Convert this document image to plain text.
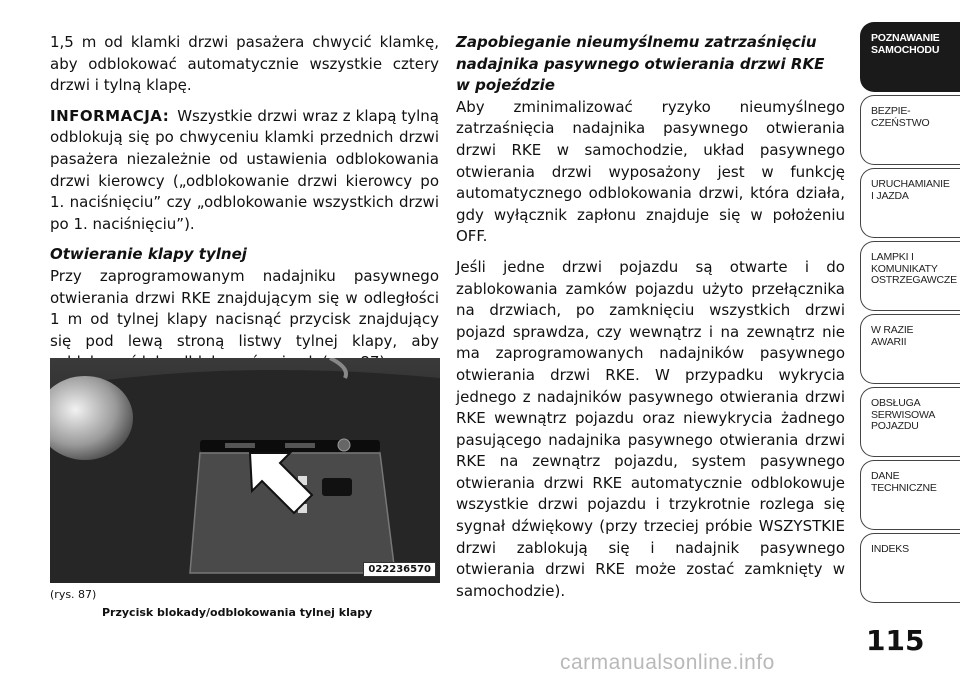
1,5 m od klamki drzwi pasażera chwycić klamkę, aby odblokować automatycznie wszystkie cztery drzwi i tylną klapę.

INFORMACJA: Wszystkie drzwi wraz z klapą tylną odblokują się po chwyceniu klamki przednich drzwi pasażera niezależnie od ustawienia odblokowania drzwi kierowcy („odblokowanie drzwi kierowcy po 1. naciśnięciu” czy „odblokowanie wszystkich drzwi po 1. naciśnięciu”).

Otwieranie klapy tylnej

Przy zaprogramowanym nadajniku pasywnego otwierania drzwi RKE znajdującym się w odległości 1 m od tylnej klapy nacisnąć przycisk znajdujący się pod lewą stroną listwy tylnej klapy, aby

Zapobieganie nieumyślnemu zatrzaśnięciu
nadajnika pasywnego otwierania drzwi RKE
w pojeździe

Aby zminimalizować ryzyko nieumyślnego zatrzaśnięcia nadajnika pasywnego otwierania drzwi RKE w samochodzie, układ pasywnego otwierania drzwi wyposażony jest w funkcję automatycznego odblokowania drzwi, która działa, gdy wyłącznik zapłonu znajduje się w położeniu OFF.

Jeśli jedne drzwi pojazdu są otwarte i do zablokowania zamków pojazdu użyto przełącznika na drzwiach, po zamknięciu wszystkich drzwi pojazd sprawdza, czy wewnątrz i na zewnątrz nie ma zaprogramowanych nadajników pasywnego otwierania drzwi RKE. W przypadku wykrycia jednego z nadajników pasywnego otwierania drzwi RKE wewnątrz pojazdu oraz niewykrycia żadnego pasującego nadajnika pasywnego otwierania drzwi RKE na zewnątrz pojazdu, system pasywnego otwierania drzwi RKE automatycznie odblokowuje wszystkie drzwi pojazdu i trzykrotnie rozlega się sygnał dźwiękowy (przy trzeciej próbie WSZYSTKIE drzwi zablokują się i nadajnik pasywnego otwierania drzwi RKE może zostać zamknięty w samochodzie).

022236570
(rys. 87)
Przycisk blokady/odblokowania tylnej klapy
POZNAWANIE
SAMOCHODU
BEZPIE-
CZEŃSTWO
URUCHAMIANIE
I JAZDA
LAMPKI I
KOMUNIKATY
OSTRZEGAWCZE
W RAZIE
AWARII
OBSŁUGA
SERWISOWA
POJAZDU
DANE
TECHNICZNE
INDEKS
115
carmanualsonline.info
